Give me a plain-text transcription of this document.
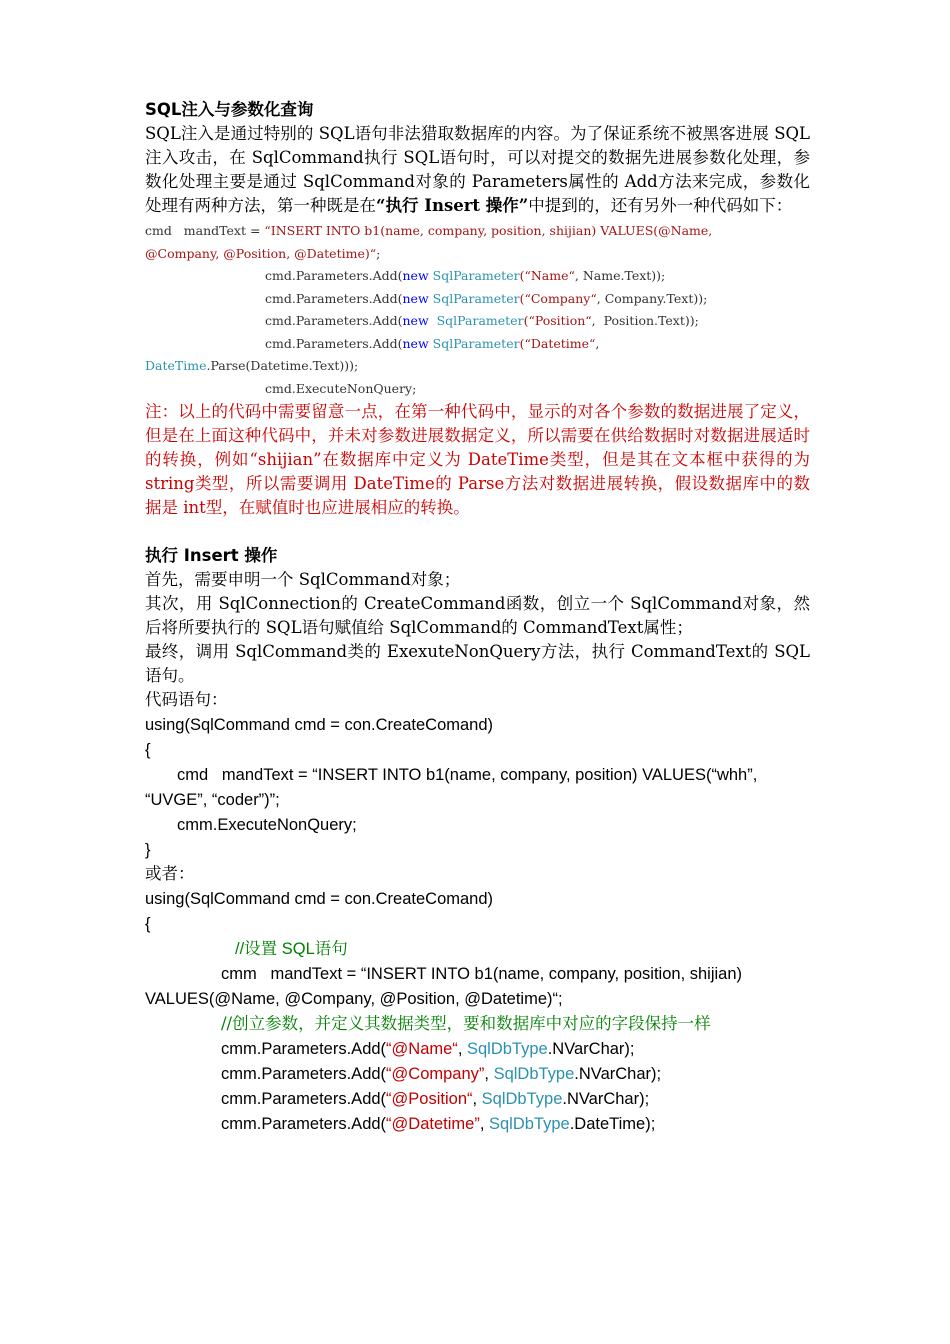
SQL注入与参数化查询

SQL注入是通过特别的 SQL语句非法猎取数据库的内容。为了保证系统不被黑客进展 SQL注入攻击，在 SqlCommand执行 SQL语句时，可以对提交的数据先进展参数化处理，参数化处理主要是通过 SqlCommand对象的 Parameters属性的 Add方法来完成，参数化处理有两种方法，第一种既是在“执行 Insert 操作”中提到的，还有另外一种代码如下：

cmd   mandText = “INSERT INTO b1(name, company, position, shijian) VALUES(@Name,

@Company, @Position, @Datetime)“;

cmd.Parameters.Add(new SqlParameter(“Name“, Name.Text));

cmd.Parameters.Add(new SqlParameter(“Company“, Company.Text));

cmd.Parameters.Add(new SqlParameter(“Position“,  Position.Text));

cmd.Parameters.Add(new SqlParameter(“Datetime“,

DateTime.Parse(Datetime.Text)));

cmd.ExecuteNonQuery;

注：以上的代码中需要留意一点，在第一种代码中，显示的对各个参数的数据进展了定义，但是在上面这种代码中，并未对参数进展数据定义，所以需要在供给数据时对数据进展适时的转换，例如“shijian”在数据库中定义为 DateTime类型，但是其在文本框中获得的为 string类型，所以需要调用 DateTime的 Parse方法对数据进展转换，假设数据库中的数据是 int型，在赋值时也应进展相应的转换。

执行 Insert 操作

首先，需要申明一个 SqlCommand对象；

其次，用 SqlConnection的 CreateCommand函数，创立一个 SqlCommand对象，然后将所要执行的 SQL语句赋值给 SqlCommand的 CommandText属性；

最终，调用 SqlCommand类的 ExexuteNonQuery方法，执行 CommandText的 SQL语句。

代码语句：

using(SqlCommand cmd = con.CreateComand)

{

cmd   mandText = “INSERT INTO b1(name, company, position) VALUES(“whh”,

“UVGE”, “coder”)”;

cmm.ExecuteNonQuery;

}

或者：

using(SqlCommand cmd = con.CreateComand)

{

//设置 SQL语句

cmm   mandText = “INSERT INTO b1(name, company, position, shijian)

VALUES(@Name, @Company, @Position, @Datetime)“;

//创立参数，并定义其数据类型，要和数据库中对应的字段保持一样

cmm.Parameters.Add(“@Name“, SqlDbType.NVarChar);

cmm.Parameters.Add(“@Company”, SqlDbType.NVarChar);

cmm.Parameters.Add(“@Position“, SqlDbType.NVarChar);

cmm.Parameters.Add(“@Datetime”, SqlDbType.DateTime);
